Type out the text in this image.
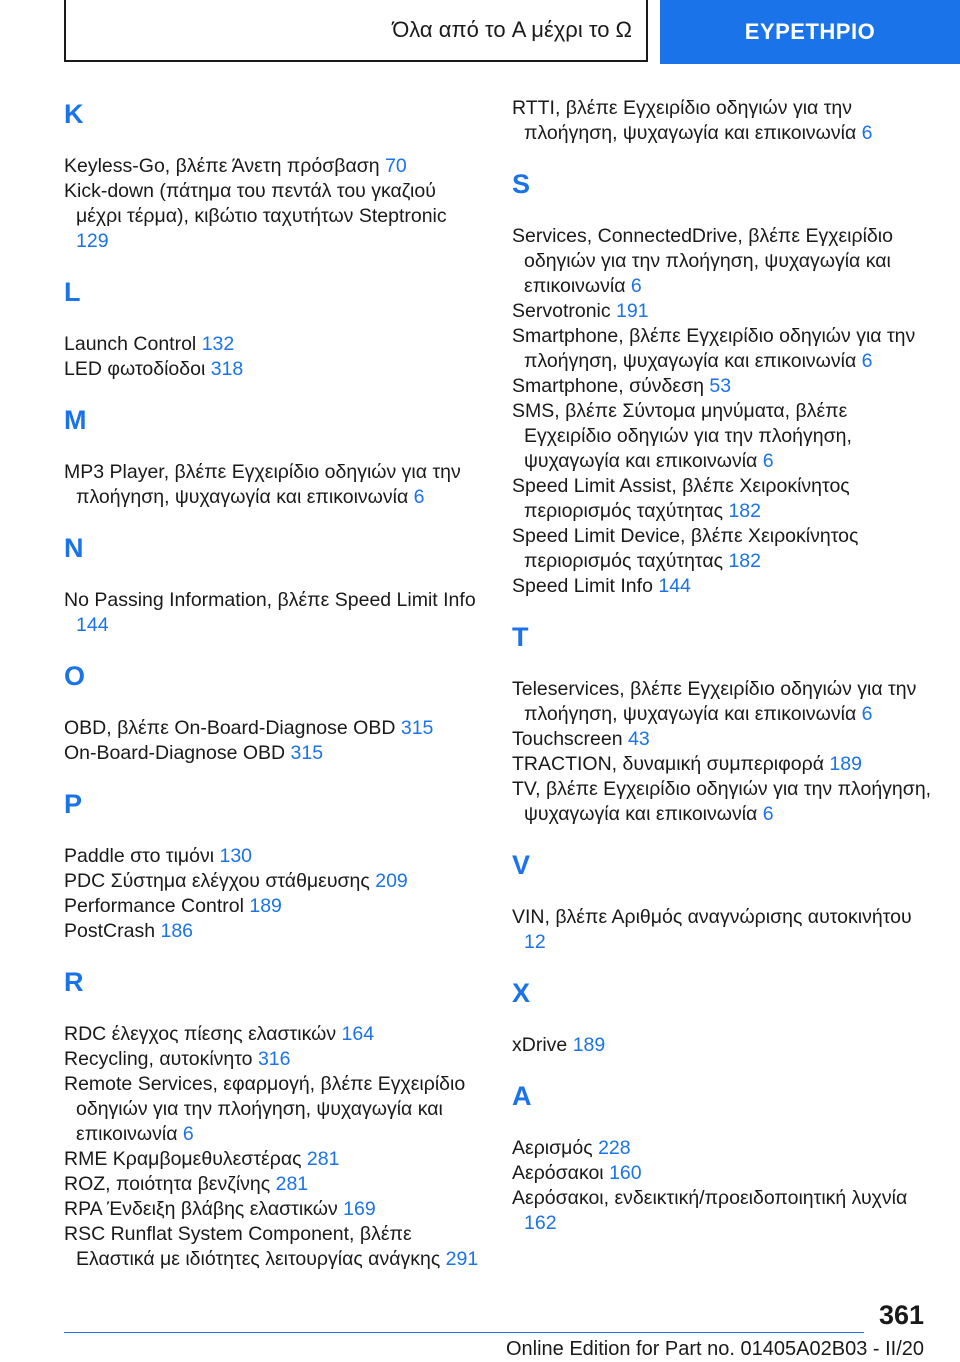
Όλα από το A μέχρι το Ω	ΕΥΡΕΤΗΡΙΟ
K
Keyless-Go, βλέπε Άνετη πρόσβαση 70
Kick-down (πάτημα του πεντάλ του γκαζιού μέχρι τέρμα), κιβώτιο ταχυτήτων Steptronic 129
L
Launch Control 132
LED φωτοδίοδοι 318
M
MP3 Player, βλέπε Εγχειρίδιο οδηγιών για την πλοήγηση, ψυχαγωγία και επικοινωνία 6
N
No Passing Information, βλέπε Speed Limit Info 144
O
OBD, βλέπε On-Board-Diagnose OBD 315
On-Board-Diagnose OBD 315
P
Paddle στο τιμόνι 130
PDC Σύστημα ελέγχου στάθμευσης 209
Performance Control 189
PostCrash 186
R
RDC έλεγχος πίεσης ελαστικών 164
Recycling, αυτοκίνητο 316
Remote Services, εφαρμογή, βλέπε Εγχειρίδιο οδηγιών για την πλοήγηση, ψυχαγωγία και επικοινωνία 6
RME Κραμβομεθυλεστέρας 281
ROZ, ποιότητα βενζίνης 281
RPA Ένδειξη βλάβης ελαστικών 169
RSC Runflat System Component, βλέπε Ελαστικά με ιδιότητες λειτουργίας ανάγκης 291
RTTI, βλέπε Εγχειρίδιο οδηγιών για την πλοήγηση, ψυχαγωγία και επικοινωνία 6
S
Services, ConnectedDrive, βλέπε Εγχειρίδιο οδηγιών για την πλοήγηση, ψυχαγωγία και επικοινωνία 6
Servotronic 191
Smartphone, βλέπε Εγχειρίδιο οδηγιών για την πλοήγηση, ψυχαγωγία και επικοινωνία 6
Smartphone, σύνδεση 53
SMS, βλέπε Σύντομα μηνύματα, βλέπε Εγχειρίδιο οδηγιών για την πλοήγηση, ψυχαγωγία και επικοινωνία 6
Speed Limit Assist, βλέπε Χειροκίνητος περιορισμός ταχύτητας 182
Speed Limit Device, βλέπε Χειροκίνητος περιορισμός ταχύτητας 182
Speed Limit Info 144
T
Teleservices, βλέπε Εγχειρίδιο οδηγιών για την πλοήγηση, ψυχαγωγία και επικοινωνία 6
Touchscreen 43
TRACTION, δυναμική συμπεριφορά 189
TV, βλέπε Εγχειρίδιο οδηγιών για την πλοήγηση, ψυχαγωγία και επικοινωνία 6
V
VIN, βλέπε Αριθμός αναγνώρισης αυτοκινήτου 12
X
xDrive 189
Α
Αερισμός 228
Αερόσακοι 160
Αερόσακοι, ενδεικτική/προειδοποιητική λυχνία 162
361
Online Edition for Part no. 01405A02B03 - II/20
